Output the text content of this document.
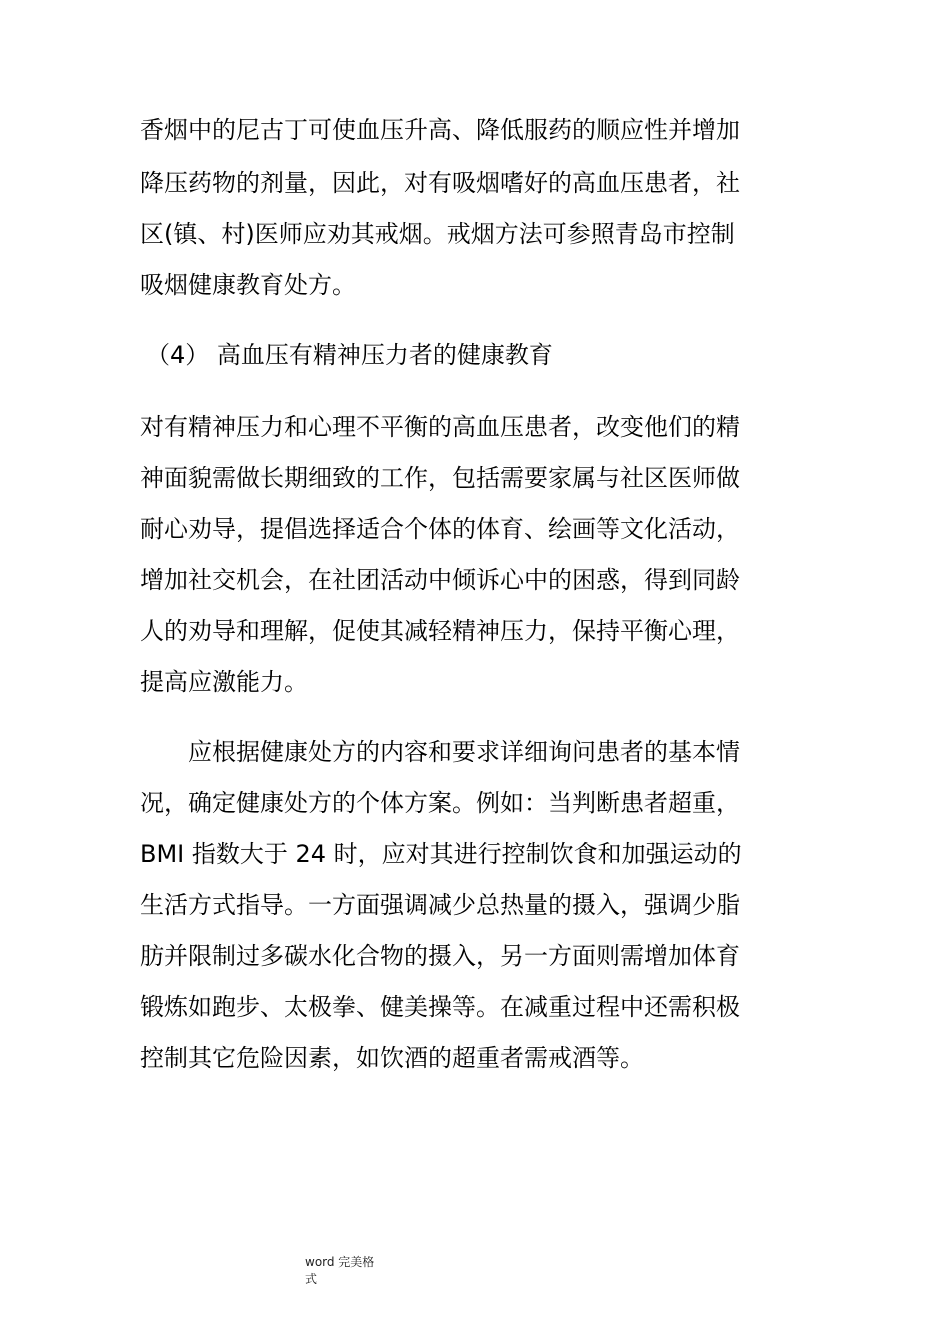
香烟中的尼古丁可使血压升高、降低服药的顺应性并增加

降压药物的剂量，因此，对有吸烟嗜好的高血压患者，社

区(镇、村)医师应劝其戒烟。戒烟方法可参照青岛市控制

吸烟健康教育处方。

（4） 高血压有精神压力者的健康教育

对有精神压力和心理不平衡的高血压患者，改变他们的精

神面貌需做长期细致的工作，包括需要家属与社区医师做

耐心劝导，提倡选择适合个体的体育、绘画等文化活动，

增加社交机会，在社团活动中倾诉心中的困惑，得到同龄

人的劝导和理解，促使其减轻精神压力，保持平衡心理，

提高应激能力。

应根据健康处方的内容和要求详细询问患者的基本情

况，确定健康处方的个体方案。例如：当判断患者超重，

BMI 指数大于 24 时，应对其进行控制饮食和加强运动的

生活方式指导。一方面强调减少总热量的摄入，强调少脂

肪并限制过多碳水化合物的摄入，另一方面则需增加体育

锻炼如跑步、太极拳、健美操等。在减重过程中还需积极

控制其它危险因素，如饮酒的超重者需戒酒等。

word 完美格
式
